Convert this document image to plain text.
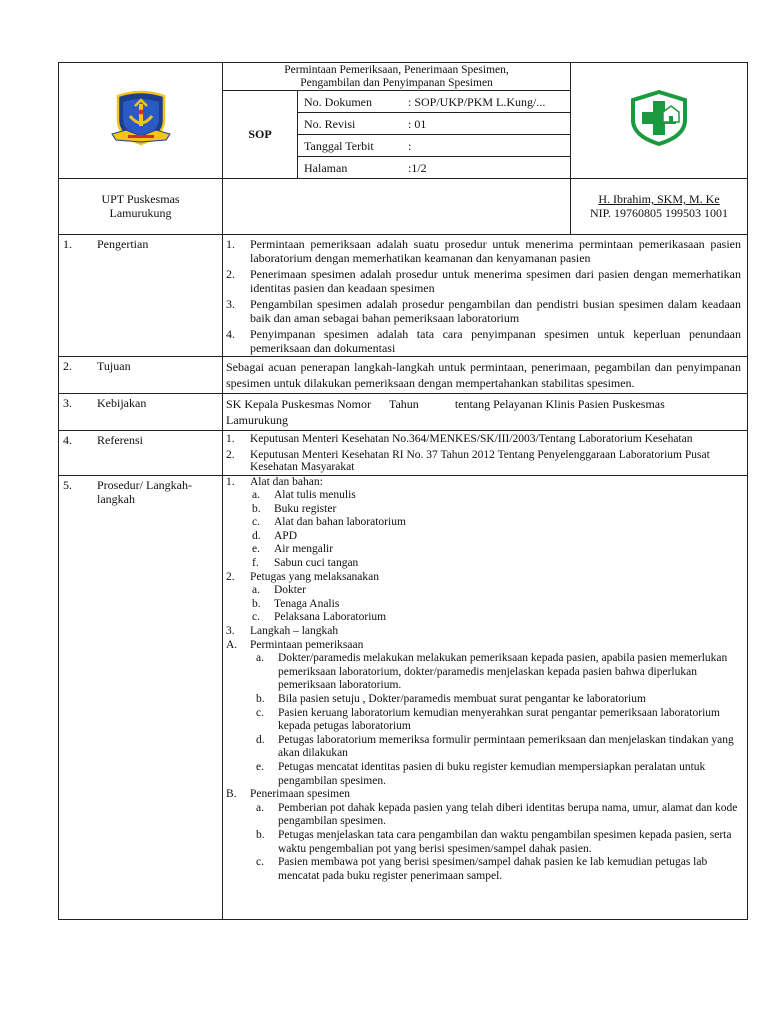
Permintaan Pemeriksaan, Penerimaan Spesimen,
Pengambilan dan Penyimpanan Spesimen
SOP	No. Dokumen	: SOP/UKP/PKM L.Kung/...
No. Revisi	: 01
Tanggal Terbit	:
Halaman	:1/2

UPT Puskesmas
Lamurukung

H. Ibrahim, SKM, M. Ke
NIP. 19760805 199503 1001

1.	Pengertian	1.	Permintaan pemeriksaan adalah suatu prosedur untuk menerima permintaan pemerikasaan pasien laboratorium dengan memerhatikan keamanan dan kenyamanan pasien
2.	Penerimaan spesimen adalah prosedur untuk menerima spesimen dari pasien dengan memerhatikan identitas pasien dan keadaan spesimen
3.	Pengambilan spesimen adalah prosedur pengambilan dan pendistri busian spesimen dalam keadaan baik dan aman sebagai bahan pemeriksaan laboratorium
4.	Penyimpanan spesimen adalah tata cara penyimpanan spesimen untuk keperluan penundaan pemeriksaan dan dokumentasi

2.	Tujuan	Sebagai acuan penerapan langkah-langkah untuk permintaan, penerimaan, pegambilan dan penyimpanan spesimen untuk dilakukan pemeriksaan dengan mempertahankan stabilitas spesimen.

3.	Kebijakan	SK Kepala Puskesmas Nomor Tahun	tentang Pelayanan Klinis Pasien Puskesmas
Lamurukung

4.	Referensi	1.	Keputusan Menteri Kesehatan No.364/MENKES/SK/III/2003/Tentang Laboratorium Kesehatan
2.	Keputusan Menteri Kesehatan RI No. 37 Tahun 2012 Tentang Penyelenggaraan Laboratorium Pusat Kesehatan Masyarakat

5.	Prosedur/ Langkah-
langkah

1.	Alat dan bahan:
a.	Alat tulis menulis
b.	Buku register
c.	Alat dan bahan laboratorium
d.	APD
e.	Air mengalir
f.	Sabun cuci tangan
2.	Petugas yang melaksanakan
a.	Dokter
b.	Tenaga Analis
c.	Pelaksana Laboratorium
3.	Langkah – langkah
A.	Permintaan pemeriksaan
a.	Dokter/paramedis melakukan melakukan pemeriksaan kepada pasien, apabila pasien memerlukan pemeriksaan laboratorium, dokter/paramedis menjelaskan kepada pasien bahwa diperlukan pemeriksaan laboratorium.
b.	Bila pasien setuju , Dokter/paramedis membuat surat pengantar ke laboratorium
c.	Pasien keruang laboratorium kemudian menyerahkan surat pengantar pemeriksaan laboratorium kepada petugas laboratorium
d.	Petugas laboratorium memeriksa formulir permintaan pemeriksaan dan menjelaskan tindakan yang akan dilakukan
e.	Petugas mencatat identitas pasien di buku register kemudian mempersiapkan peralatan untuk pengambilan spesimen.
B.	Penerimaan spesimen
a.	Pemberian pot dahak kepada pasien yang telah diberi identitas berupa nama, umur, alamat dan kode pengambilan spesimen.
b.	Petugas menjelaskan tata cara pengambilan dan waktu pengambilan spesimen kepada pasien, serta waktu pengembalian pot yang berisi spesimen/sampel dahak pasien.
c.	Pasien membawa pot yang berisi spesimen/sampel dahak pasien ke lab kemudian petugas lab mencatat pada buku register penerimaan sampel.
